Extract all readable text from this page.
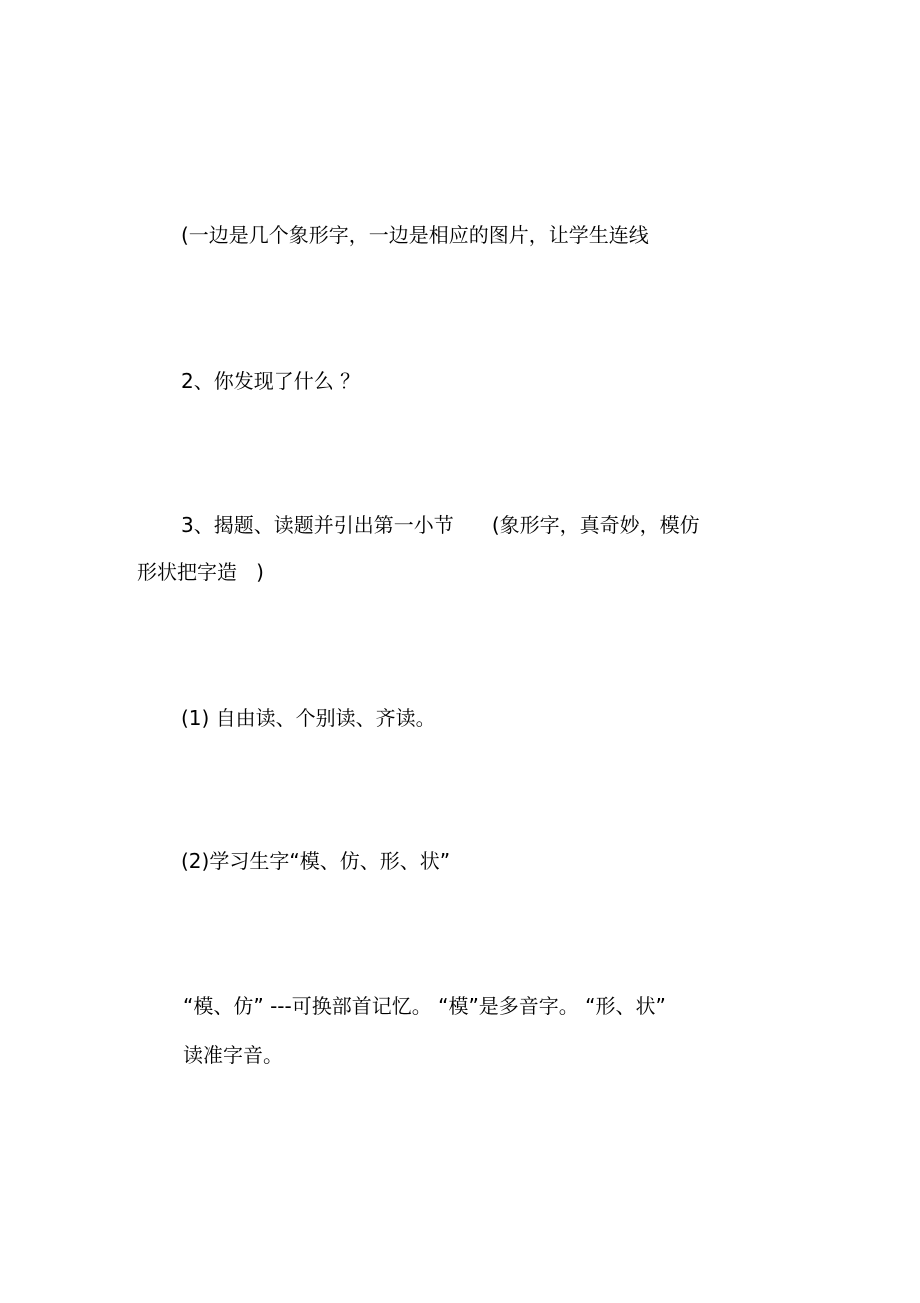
(一边是几个象形字，一边是相应的图片，让学生连线
2、你发现了什么 ？
3、揭题、读题并引出第一小节      (象形字，真奇妙，模仿
形状把字造   )
(1) 自由读、个别读、齐读。
(2)学习生字“模、仿、形、状”
“模、仿” ---可换部首记忆。 “模”是多音字。 “形、状”
读准字音。
